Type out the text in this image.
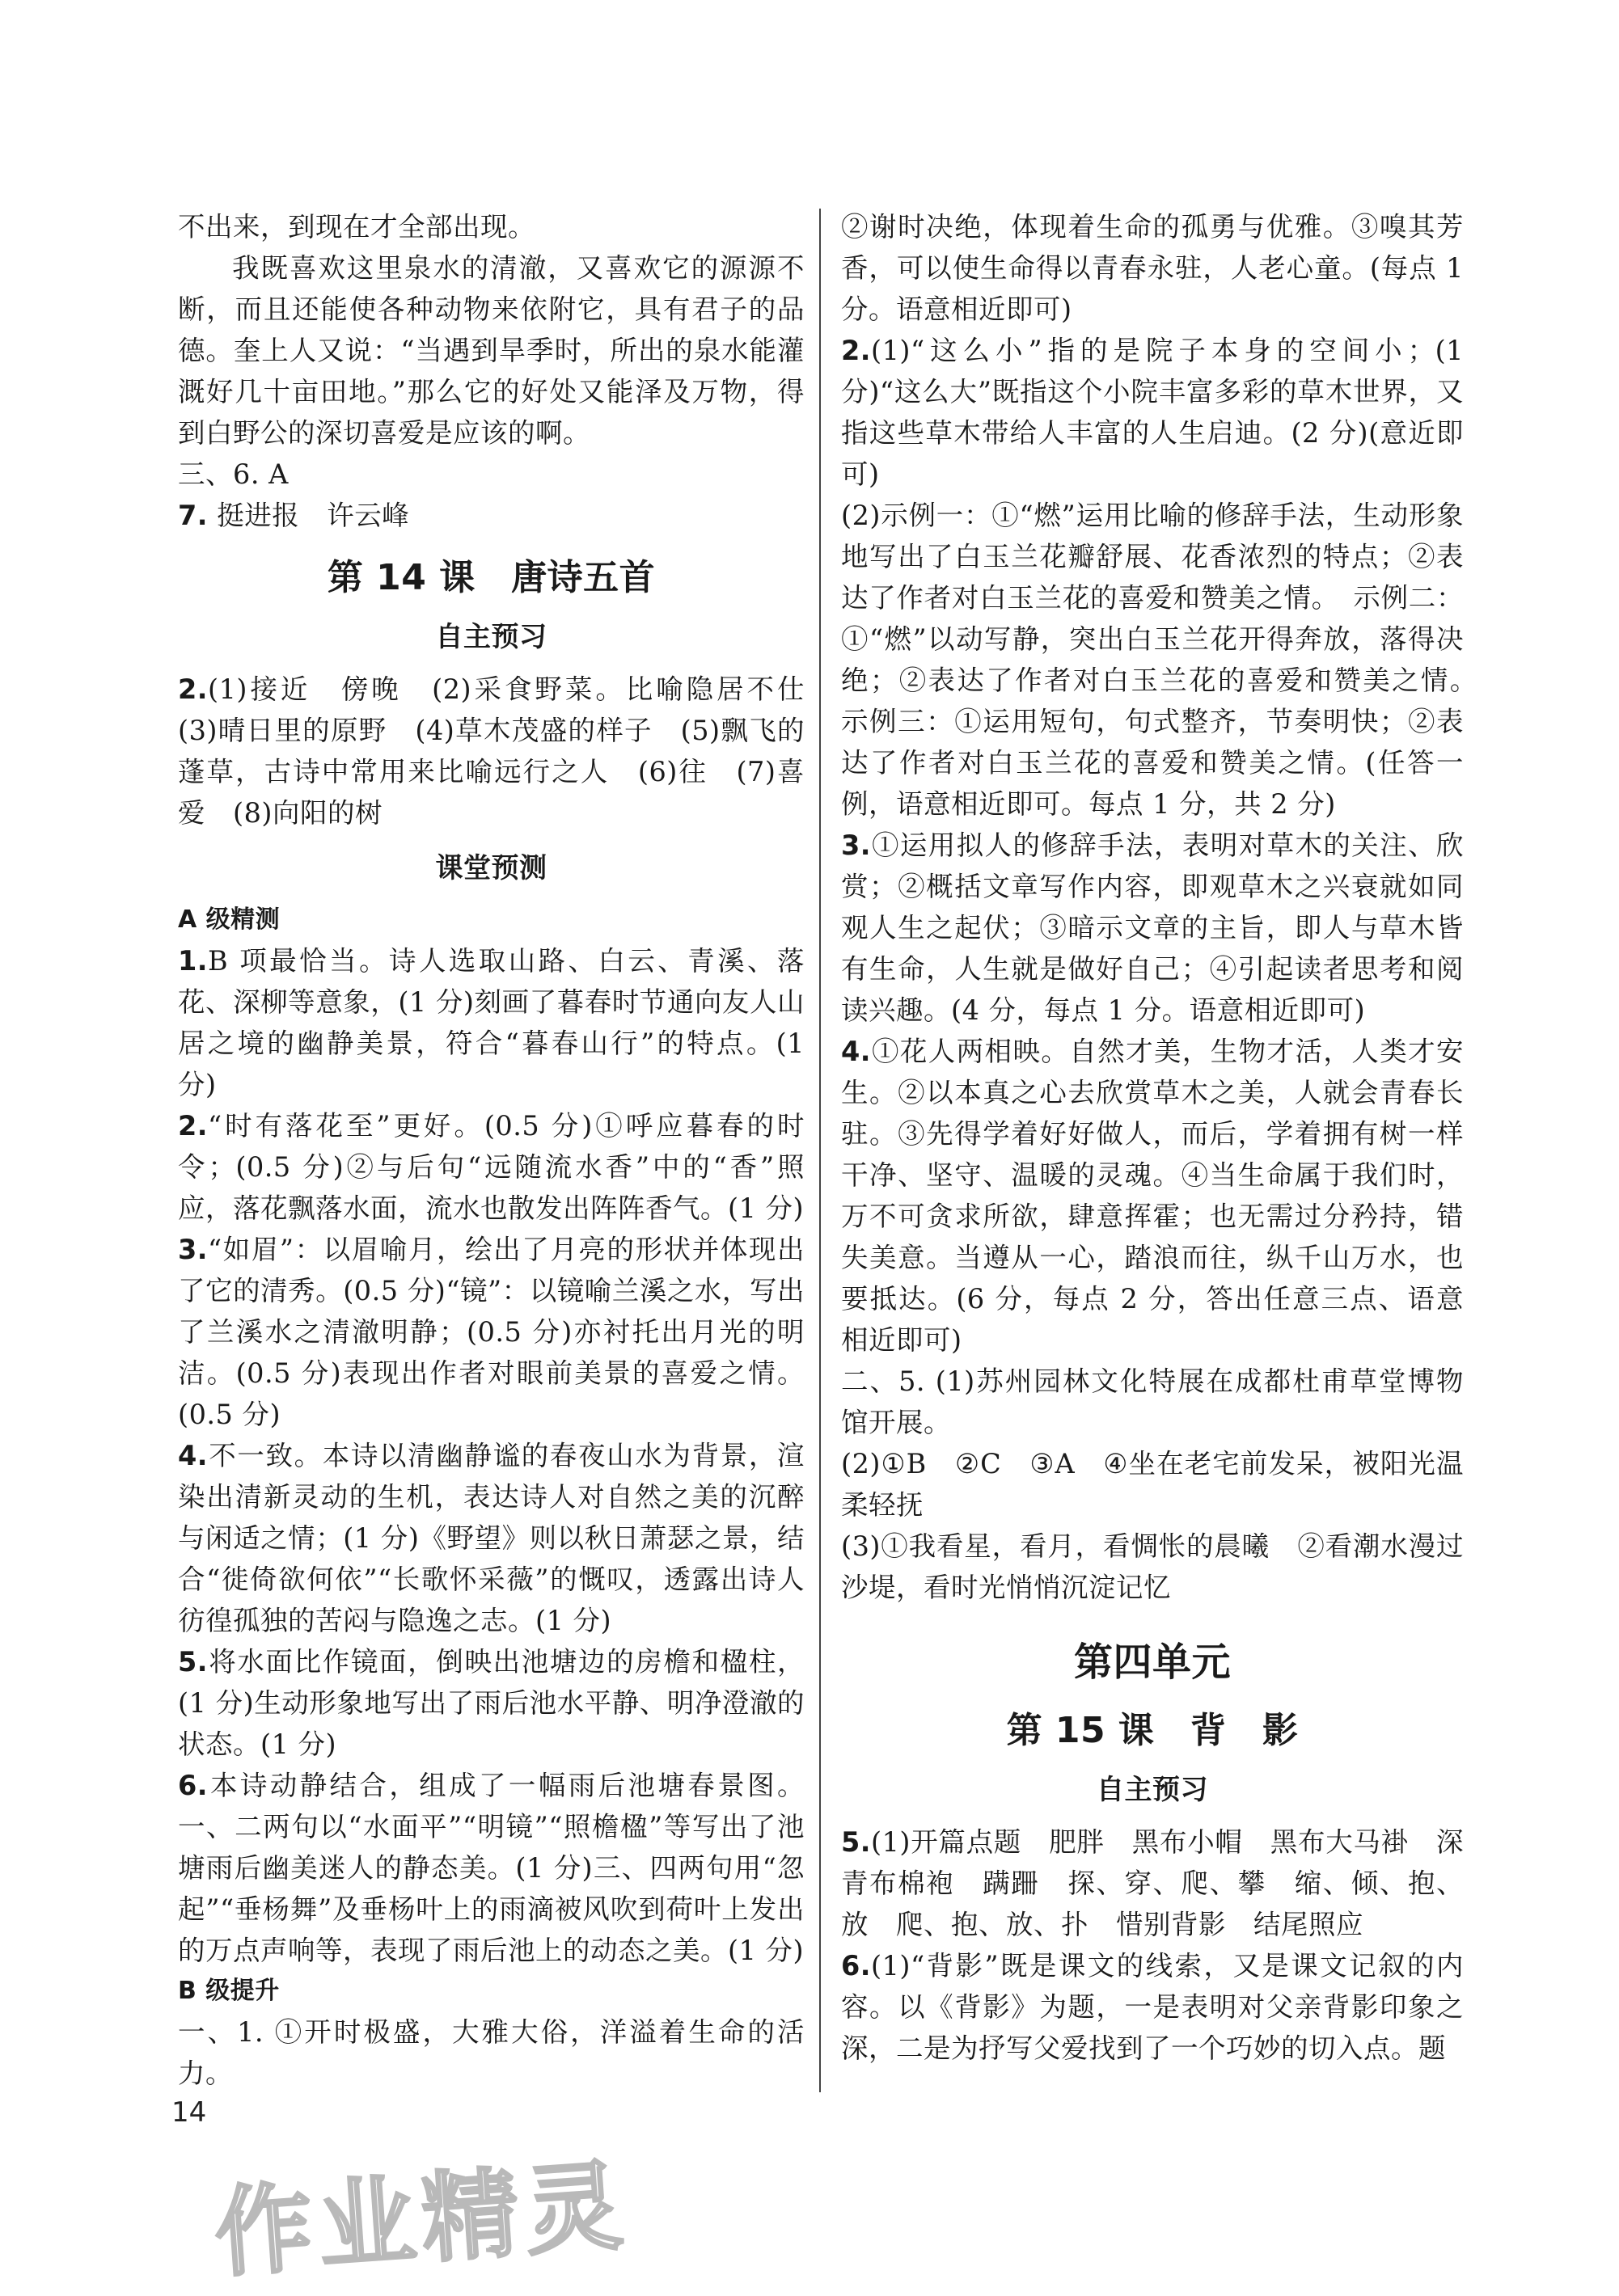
不出来，到现在才全部出现。

我既喜欢这里泉水的清澈，又喜欢它的源源不断，而且还能使各种动物来依附它，具有君子的品德。奎上人又说：“当遇到旱季时，所出的泉水能灌溉好几十亩田地。”那么它的好处又能泽及万物，得到白野公的深切喜爱是应该的啊。

三、6. A

7. 挺进报　许云峰

第 14 课　唐诗五首
自主预习

2.(1)接近　傍晚　(2)采食野菜。比喻隐居不仕　(3)晴日里的原野　(4)草木茂盛的样子　(5)飘飞的蓬草，古诗中常用来比喻远行之人　(6)往　(7)喜爱　(8)向阳的树

课堂预测
A 级精测

1.B 项最恰当。诗人选取山路、白云、青溪、落花、深柳等意象，(1 分)刻画了暮春时节通向友人山居之境的幽静美景，符合“暮春山行”的特点。(1 分)

2.“时有落花至”更好。(0.5 分)①呼应暮春的时令；(0.5 分)②与后句“远随流水香”中的“香”照应，落花飘落水面，流水也散发出阵阵香气。(1 分)

3.“如眉”：以眉喻月，绘出了月亮的形状并体现出了它的清秀。(0.5 分)“镜”：以镜喻兰溪之水，写出了兰溪水之清澈明静；(0.5 分)亦衬托出月光的明洁。(0.5 分)表现出作者对眼前美景的喜爱之情。(0.5 分)

4.不一致。本诗以清幽静谧的春夜山水为背景，渲染出清新灵动的生机，表达诗人对自然之美的沉醉与闲适之情；(1 分)《野望》则以秋日萧瑟之景，结合“徙倚欲何依”“长歌怀采薇”的慨叹，透露出诗人彷徨孤独的苦闷与隐逸之志。(1 分)

5.将水面比作镜面，倒映出池塘边的房檐和楹柱，(1 分)生动形象地写出了雨后池水平静、明净澄澈的状态。(1 分)

6.本诗动静结合，组成了一幅雨后池塘春景图。一、二两句以“水面平”“明镜”“照檐楹”等写出了池塘雨后幽美迷人的静态美。(1 分)三、四两句用“忽起”“垂杨舞”及垂杨叶上的雨滴被风吹到荷叶上发出的万点声响等，表现了雨后池上的动态之美。(1 分)

B 级提升

一、1. ①开时极盛，大雅大俗，洋溢着生命的活力。

②谢时决绝，体现着生命的孤勇与优雅。③嗅其芳香，可以使生命得以青春永驻，人老心童。(每点 1 分。语意相近即可)

2.(1)“这么小”指的是院子本身的空间小；(1 分)“这么大”既指这个小院丰富多彩的草木世界，又指这些草木带给人丰富的人生启迪。(2 分)(意近即可)

(2)示例一：①“燃”运用比喻的修辞手法，生动形象地写出了白玉兰花瓣舒展、花香浓烈的特点；②表达了作者对白玉兰花的喜爱和赞美之情。　示例二：①“燃”以动写静，突出白玉兰花开得奔放，落得决绝；②表达了作者对白玉兰花的喜爱和赞美之情。　示例三：①运用短句，句式整齐，节奏明快；②表达了作者对白玉兰花的喜爱和赞美之情。(任答一例，语意相近即可。每点 1 分，共 2 分)

3.①运用拟人的修辞手法，表明对草木的关注、欣赏；②概括文章写作内容，即观草木之兴衰就如同观人生之起伏；③暗示文章的主旨，即人与草木皆有生命，人生就是做好自己；④引起读者思考和阅读兴趣。(4 分，每点 1 分。语意相近即可)

4.①花人两相映。自然才美，生物才活，人类才安生。②以本真之心去欣赏草木之美，人就会青春长驻。③先得学着好好做人，而后，学着拥有树一样干净、坚守、温暖的灵魂。④当生命属于我们时，万不可贪求所欲，肆意挥霍；也无需过分矜持，错失美意。当遵从一心，踏浪而往，纵千山万水，也要抵达。(6 分，每点 2 分，答出任意三点、语意相近即可)

二、5. (1)苏州园林文化特展在成都杜甫草堂博物馆开展。

(2)①B　②C　③A　④坐在老宅前发呆，被阳光温柔轻抚

(3)①我看星，看月，看惆怅的晨曦　②看潮水漫过沙堤，看时光悄悄沉淀记忆

第四单元
第 15 课　背　影
自主预习

5.(1)开篇点题　肥胖　黑布小帽　黑布大马褂　深青布棉袍　蹒跚　探、穿、爬、攀　缩、倾、抱、放　爬、抱、放、扑　惜别背影　结尾照应

6.(1)“背影”既是课文的线索，又是课文记叙的内容。以《背影》为题，一是表明对父亲背影印象之深，二是为抒写父爱找到了一个巧妙的切入点。题

14
作业精灵
